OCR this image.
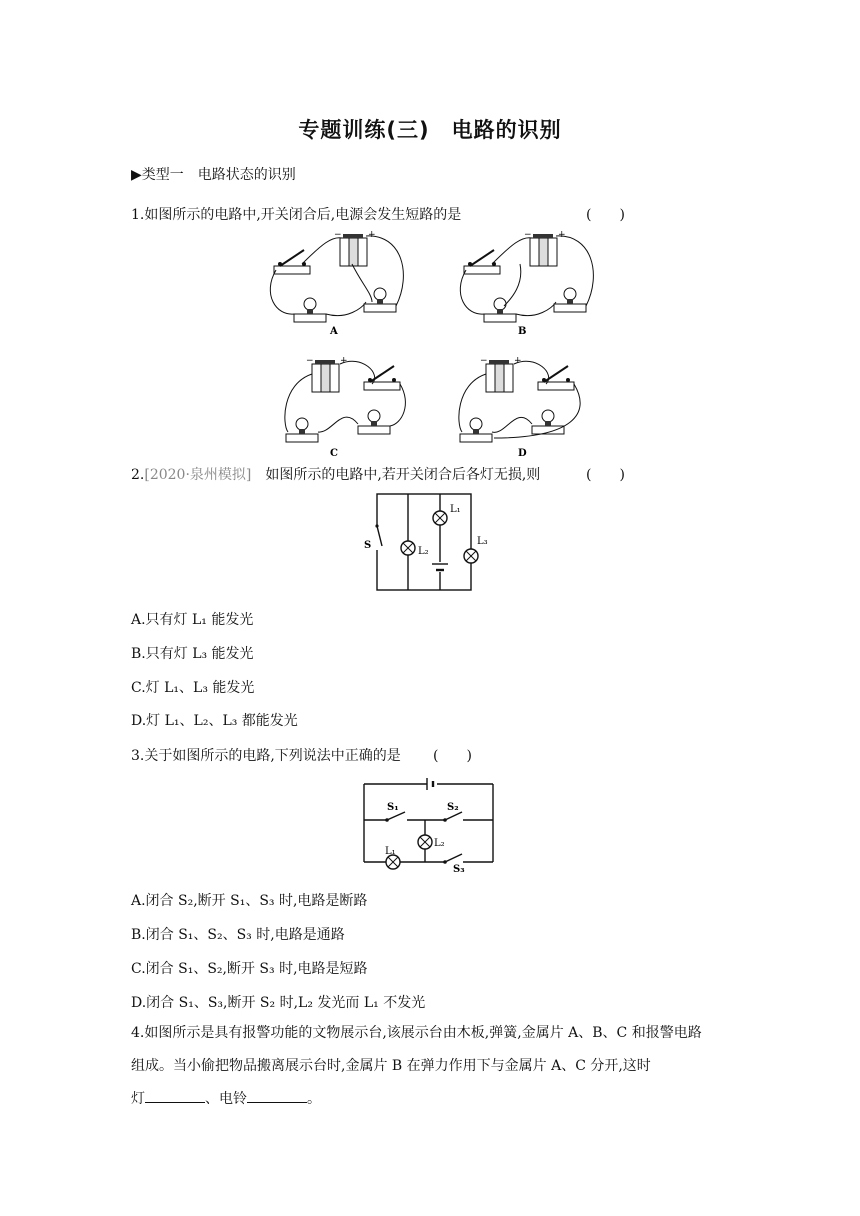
专题训练(三)　电路的识别
▶类型一　电路状态的识别
1.如图所示的电路中,开关闭合后,电源会发生短路的是	(　　)
−	+
A	B
C	D
2.[2020·泉州模拟]　 如图所示的电路中,若开关闭合后各灯无损,则	(　　)
S
L₂
L₁
L₃
A.只有灯 L₁ 能发光
B.只有灯 L₃ 能发光
C.灯 L₁、L₃ 能发光
D.灯 L₁、L₂、L₃ 都能发光
3.关于如图所示的电路,下列说法中正确的是 (　　)
S₁	S₂
L₂
L₁
S₃
A.闭合 S₂,断开 S₁、S₃ 时,电路是断路
B.闭合 S₁、S₂、S₃ 时,电路是通路
C.闭合 S₁、S₂,断开 S₃ 时,电路是短路
D.闭合 S₁、S₃,断开 S₂ 时,L₂ 发光而 L₁ 不发光
4.如图所示是具有报警功能的文物展示台,该展示台由木板,弹簧,金属片 A、B、C 和报警电路
组成。当小偷把物品搬离展示台时,金属片 B 在弹力作用下与金属片 A、C 分开,这时
灯	、电铃	。
